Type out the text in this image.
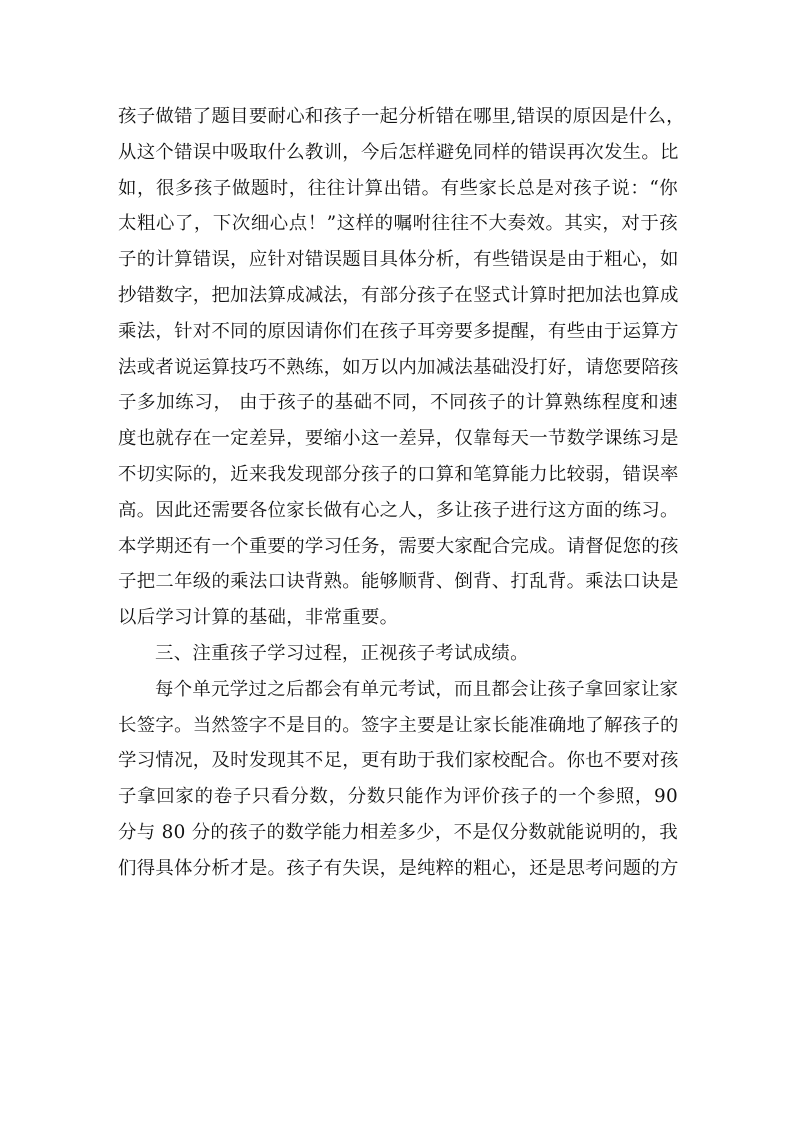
孩子做错了题目要耐心和孩子一起分析错在哪里,错误的原因是什么，
从这个错误中吸取什么教训，今后怎样避免同样的错误再次发生。比
如，很多孩子做题时，往往计算出错。有些家长总是对孩子说：“你
太粗心了，下次细心点！”这样的嘱咐往往不大奏效。其实，对于孩
子的计算错误，应针对错误题目具体分析，有些错误是由于粗心，如
抄错数字，把加法算成减法，有部分孩子在竖式计算时把加法也算成
乘法，针对不同的原因请你们在孩子耳旁要多提醒，有些由于运算方
法或者说运算技巧不熟练，如万以内加减法基础没打好，请您要陪孩
子多加练习， 由于孩子的基础不同，不同孩子的计算熟练程度和速
度也就存在一定差异，要缩小这一差异，仅靠每天一节数学课练习是
不切实际的，近来我发现部分孩子的口算和笔算能力比较弱，错误率
高。因此还需要各位家长做有心之人，多让孩子进行这方面的练习。
本学期还有一个重要的学习任务，需要大家配合完成。请督促您的孩
子把二年级的乘法口诀背熟。能够顺背、倒背、打乱背。乘法口诀是
以后学习计算的基础，非常重要。
三、注重孩子学习过程，正视孩子考试成绩。
每个单元学过之后都会有单元考试，而且都会让孩子拿回家让家
长签字。当然签字不是目的。签字主要是让家长能准确地了解孩子的
学习情况，及时发现其不足，更有助于我们家校配合。你也不要对孩
子拿回家的卷子只看分数，分数只能作为评价孩子的一个参照，90
分与 80 分的孩子的数学能力相差多少，不是仅分数就能说明的，我
们得具体分析才是。孩子有失误，是纯粹的粗心，还是思考问题的方
